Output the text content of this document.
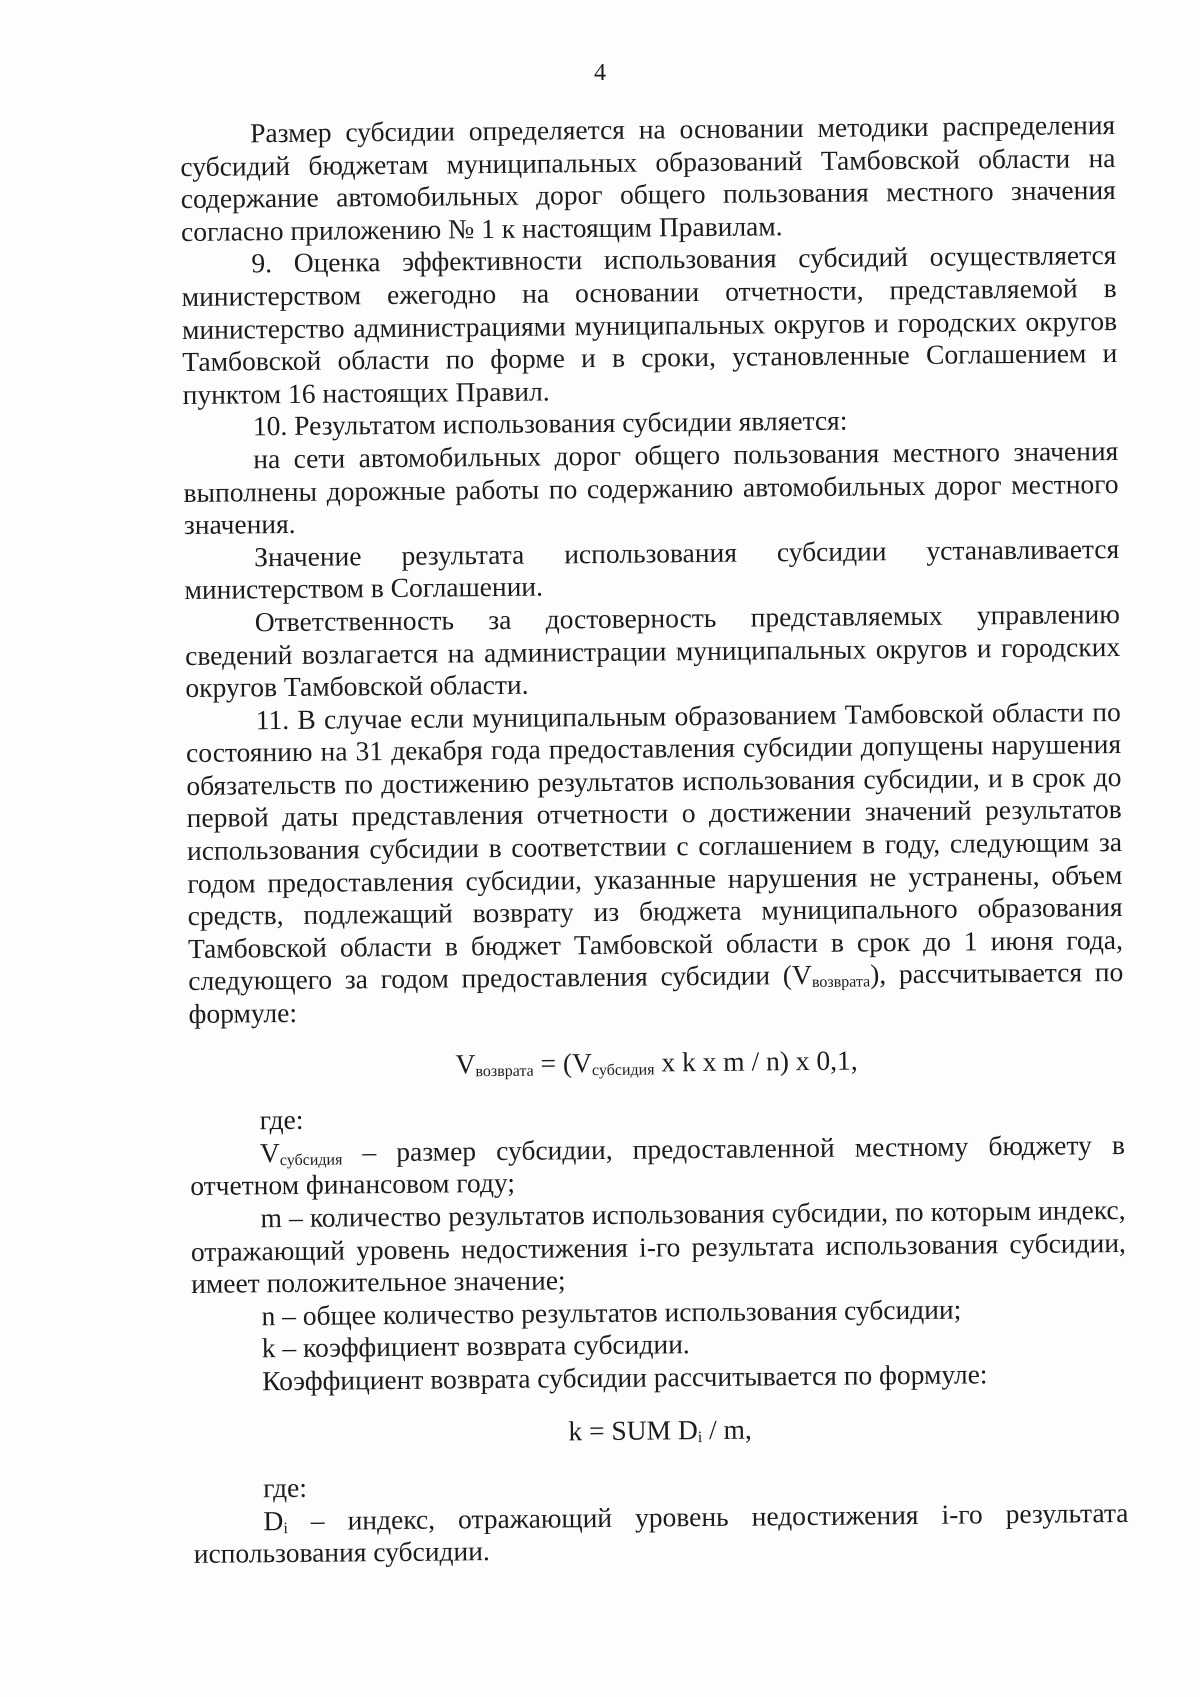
4

Размер субсидии определяется на основании методики распределения субсидий бюджетам муниципальных образований Тамбовской области на содержание автомобильных дорог общего пользования местного значения согласно приложению № 1 к настоящим Правилам.

9. Оценка эффективности использования субсидий осуществляется министерством ежегодно на основании отчетности, представляемой в министерство администрациями муниципальных округов и городских округов Тамбовской области по форме и в сроки, установленные Соглашением и пунктом 16 настоящих Правил.

10. Результатом использования субсидии является:

на сети автомобильных дорог общего пользования местного значения выполнены дорожные работы по содержанию автомобильных дорог местного значения.

Значение результата использования субсидии устанавливается министерством в Соглашении.

Ответственность за достоверность представляемых управлению сведений возлагается на администрации муниципальных округов и городских округов Тамбовской области.

11. В случае если муниципальным образованием Тамбовской области по состоянию на 31 декабря года предоставления субсидии допущены нарушения обязательств по достижению результатов использования субсидии, и в срок до первой даты представления отчетности о достижении значений результатов использования субсидии в соответствии с соглашением в году, следующим за годом предоставления субсидии, указанные нарушения не устранены, объем средств, подлежащий возврату из бюджета муниципального образования Тамбовской области в бюджет Тамбовской области в срок до 1 июня года, следующего за годом предоставления субсидии $(V_{возврата})$, рассчитывается по формуле:

$V_{возврата} = (V_{субсидия}$ x k x m / n) x 0,1,

где:

$V_{субсидия}$ – размер субсидии, предоставленной местному бюджету в отчетном финансовом году;

m – количество результатов использования субсидии, по которым индекс, отражающий уровень недостижения i-го результата использования субсидии, имеет положительное значение;

n – общее количество результатов использования субсидии;

k – коэффициент возврата субсидии.

Коэффициент возврата субсидии рассчитывается по формуле:

k = SUM $D_i$ / m,

где:

$D_i$ – индекс, отражающий уровень недостижения i-го результата использования субсидии.
